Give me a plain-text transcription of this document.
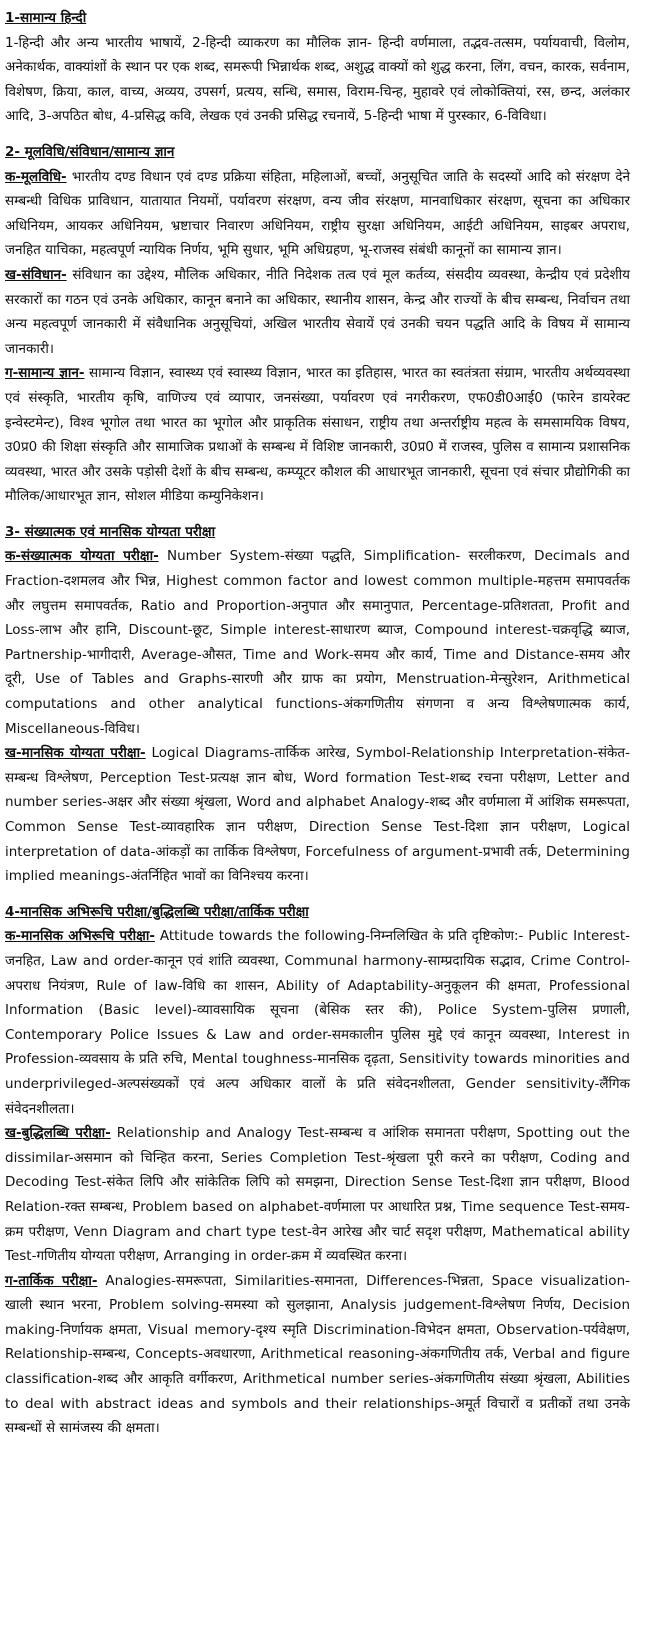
1-सामान्य हिन्दी

1-हिन्दी और अन्य भारतीय भाषायें, 2-हिन्दी व्याकरण का मौलिक ज्ञान- हिन्दी वर्णमाला, तद्भव-तत्सम, पर्यायवाची, विलोम, अनेकार्थक, वाक्यांशों के स्थान पर एक शब्द, समरूपी भिन्नार्थक शब्द, अशुद्ध वाक्यों को शुद्ध करना, लिंग, वचन, कारक, सर्वनाम, विशेषण, क्रिया, काल, वाच्य, अव्यय, उपसर्ग, प्रत्यय, सन्धि, समास, विराम-चिन्ह, मुहावरे एवं लोकोक्तियां, रस, छन्द, अलंकार आदि, 3-अपठित बोध, 4-प्रसिद्ध कवि, लेखक एवं उनकी प्रसिद्ध रचनायें, 5-हिन्दी भाषा में पुरस्कार, 6-विविधा।

2- मूलविधि/संविधान/सामान्य ज्ञान

क-मूलविधि- भारतीय दण्ड विधान एवं दण्ड प्रक्रिया संहिता, महिलाओं, बच्चों, अनुसूचित जाति के सदस्यों आदि को संरक्षण देने सम्बन्धी विधिक प्राविधान, यातायात नियमों, पर्यावरण संरक्षण, वन्य जीव संरक्षण, मानवाधिकार संरक्षण, सूचना का अधिकार अधिनियम, आयकर अधिनियम, भ्रष्टाचार निवारण अधिनियम, राष्ट्रीय सुरक्षा अधिनियम, आईटी अधिनियम, साइबर अपराध, जनहित याचिका, महत्वपूर्ण न्यायिक निर्णय, भूमि सुधार, भूमि अधिग्रहण, भू-राजस्व संबंधी कानूनों का सामान्य ज्ञान।

ख-संविधान- संविधान का उद्देश्य, मौलिक अधिकार, नीति निदेशक तत्व एवं मूल कर्तव्य, संसदीय व्यवस्था, केन्द्रीय एवं प्रदेशीय सरकारों का गठन एवं उनके अधिकार, कानून बनाने का अधिकार, स्थानीय शासन, केन्द्र और राज्यों के बीच सम्बन्ध, निर्वाचन तथा अन्य महत्वपूर्ण जानकारी में संवैधानिक अनुसूचियां, अखिल भारतीय सेवायें एवं उनकी चयन पद्धति आदि के विषय में सामान्य जानकारी।

ग-सामान्य ज्ञान- सामान्य विज्ञान, स्वास्थ्य एवं स्वास्थ्य विज्ञान, भारत का इतिहास, भारत का स्वतंत्रता संग्राम, भारतीय अर्थव्यवस्था एवं संस्कृति, भारतीय कृषि, वाणिज्य एवं व्यापार, जनसंख्या, पर्यावरण एवं नगरीकरण, एफ0डी0आई0 (फारेन डायरेक्ट इन्वेस्टमेन्ट), विश्व भूगोल तथा भारत का भूगोल और प्राकृतिक संसाधन, राष्ट्रीय तथा अन्तर्राष्ट्रीय महत्व के समसामयिक विषय, उ0प्र0 की शिक्षा संस्कृति और सामाजिक प्रथाओं के सम्बन्ध में विशिष्ट जानकारी, उ0प्र0 में राजस्व, पुलिस व सामान्य प्रशासनिक व्यवस्था, भारत और उसके पड़ोसी देशों के बीच सम्बन्ध, कम्प्यूटर कौशल की आधारभूत जानकारी, सूचना एवं संचार प्रौद्योगिकी का मौलिक/आधारभूत ज्ञान, सोशल मीडिया कम्युनिकेशन।

3- संख्यात्मक एवं मानसिक योग्यता परीक्षा

क-संख्यात्मक योग्यता परीक्षा- Number System-संख्या पद्धति, Simplification- सरलीकरण, Decimals and Fraction-दशमलव और भिन्न, Highest common factor and lowest common multiple-महत्तम समापवर्तक और लघुत्तम समापवर्तक, Ratio and Proportion-अनुपात और समानुपात, Percentage-प्रतिशतता, Profit and Loss-लाभ और हानि, Discount-छूट, Simple interest-साधारण ब्याज, Compound interest-चक्रवृद्धि ब्याज, Partnership-भागीदारी, Average-औसत, Time and Work-समय और कार्य, Time and Distance-समय और दूरी, Use of Tables and Graphs-सारणी और ग्राफ का प्रयोग, Menstruation-मेन्सुरेशन, Arithmetical computations and other analytical functions-अंकगणितीय संगणना व अन्य विश्लेषणात्मक कार्य, Miscellaneous-विविध।

ख-मानसिक योग्यता परीक्षा- Logical Diagrams-तार्किक आरेख, Symbol-Relationship Interpretation-संकेत-सम्बन्ध विश्लेषण, Perception Test-प्रत्यक्ष ज्ञान बोध, Word formation Test-शब्द रचना परीक्षण, Letter and number series-अक्षर और संख्या श्रृंखला, Word and alphabet Analogy-शब्द और वर्णमाला में आंशिक समरूपता, Common Sense Test-व्यावहारिक ज्ञान परीक्षण, Direction Sense Test-दिशा ज्ञान परीक्षण, Logical interpretation of data-आंकड़ों का तार्किक विश्लेषण, Forcefulness of argument-प्रभावी तर्क, Determining implied meanings-अंतर्निहित भावों का विनिश्चय करना।

4-मानसिक अभिरूचि परीक्षा/बुद्धिलब्धि परीक्षा/तार्किक परीक्षा

क-मानसिक अभिरूचि परीक्षा- Attitude towards the following-निम्नलिखित के प्रति दृष्टिकोण:- Public Interest-जनहित, Law and order-कानून एवं शांति व्यवस्था, Communal harmony-साम्प्रदायिक सद्भाव, Crime Control-अपराध नियंत्रण, Rule of law-विधि का शासन, Ability of Adaptability-अनुकूलन की क्षमता, Professional Information (Basic level)-व्यावसायिक सूचना (बेसिक स्तर की), Police System-पुलिस प्रणाली, Contemporary Police Issues & Law and order-समकालीन पुलिस मुद्दे एवं कानून व्यवस्था, Interest in Profession-व्यवसाय के प्रति रुचि, Mental toughness-मानसिक दृढ़ता, Sensitivity towards minorities and underprivileged-अल्पसंख्यकों एवं अल्प अधिकार वालों के प्रति संवेदनशीलता, Gender sensitivity-लैंगिक संवेदनशीलता।

ख-बुद्धिलब्धि परीक्षा- Relationship and Analogy Test-सम्बन्ध व आंशिक समानता परीक्षण, Spotting out the dissimilar-असमान को चिन्हित करना, Series Completion Test-श्रृंखला पूरी करने का परीक्षण, Coding and Decoding Test-संकेत लिपि और सांकेतिक लिपि को समझना, Direction Sense Test-दिशा ज्ञान परीक्षण, Blood Relation-रक्त सम्बन्ध, Problem based on alphabet-वर्णमाला पर आधारित प्रश्न, Time sequence Test-समय-क्रम परीक्षण, Venn Diagram and chart type test-वेन आरेख और चार्ट सदृश परीक्षण, Mathematical ability Test-गणितीय योग्यता परीक्षण, Arranging in order-क्रम में व्यवस्थित करना।

ग-तार्किक परीक्षा- Analogies-समरूपता, Similarities-समानता, Differences-भिन्नता, Space visualization-खाली स्थान भरना, Problem solving-समस्या को सुलझाना, Analysis judgement-विश्लेषण निर्णय, Decision making-निर्णायक क्षमता, Visual memory-दृश्य स्मृति Discrimination-विभेदन क्षमता, Observation-पर्यवेक्षण, Relationship-सम्बन्ध, Concepts-अवधारणा, Arithmetical reasoning-अंकगणितीय तर्क, Verbal and figure classification-शब्द और आकृति वर्गीकरण, Arithmetical number series-अंकगणितीय संख्या श्रृंखला, Abilities to deal with abstract ideas and symbols and their relationships-अमूर्त विचारों व प्रतीकों तथा उनके सम्बन्धों से सामंजस्य की क्षमता।
